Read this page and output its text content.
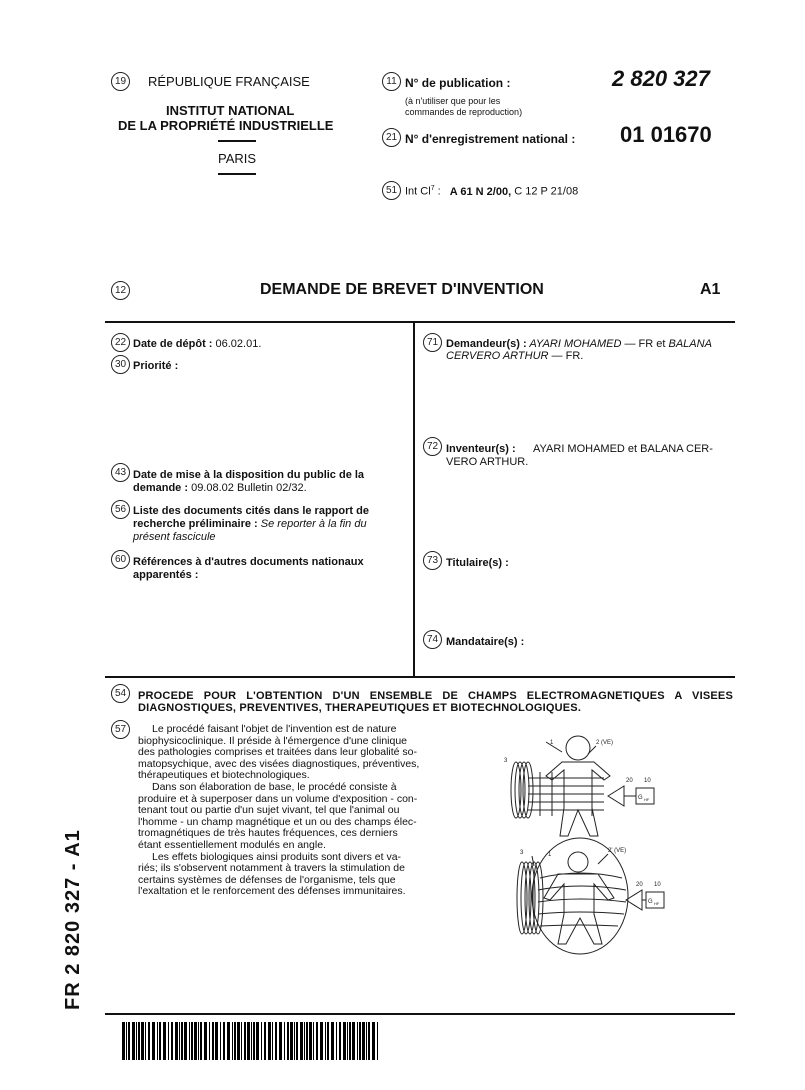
19	RÉPUBLIQUE FRANÇAISE
INSTITUT NATIONAL
DE LA PROPRIÉTÉ INDUSTRIELLE
PARIS
11 N° de publication :	2 820 327
(à n'utiliser que pour les
commandes de reproduction)
21 N° d'enregistrement national : 01 01670
51 Int Cl$^7$ : A 61 N 2/00, C 12 P 21/08
12	DEMANDE DE BREVET D'INVENTION	A1
22 Date de dépôt : 06.02.01.
30 Priorité :
43 Date de mise à la disposition du public de la
demande : 09.08.02 Bulletin 02/32.
56 Liste des documents cités dans le rapport de
recherche préliminaire : Se reporter à la fin du
présent fascicule
60 Références à d'autres documents nationaux
apparentés :
71 Demandeur(s) : AYARI MOHAMED — FR et BALANA
CERVERO ARTHUR — FR.
72 Inventeur(s) : AYARI MOHAMED et BALANA CER-
VERO ARTHUR.
73 Titulaire(s) :
74 Mandataire(s) :
54	PROCEDE POUR L'OBTENTION D'UN ENSEMBLE DE CHAMPS ELECTROMAGNETIQUES A VISEES
DIAGNOSTIQUES, PREVENTIVES, THERAPEUTIQUES ET BIOTECHNOLOGIQUES.
57	Le procédé faisant l'objet de l'invention est de nature
biophysicoclinique. Il préside à l'émergence d'une clinique
des pathologies comprises et traitées dans leur globalité so-
matopsychique, avec des visées diagnostiques, préventives,
thérapeutiques et biotechnologiques.
Dans son élaboration de base, le procédé consiste à
produire et à superposer dans un volume d'exposition - con-
tenant tout ou partie d'un sujet vivant, tel que l'animal ou
l'homme - un champ magnétique et un ou des champs élec-
tromagnétiques de très hautes fréquences, ces derniers
étant essentiellement modulés en angle.
Les effets biologiques ainsi produits sont divers et va-
riés; ils s'observent notamment à travers la stimulation de
certains systèmes de défenses de l'organisme, tels que
l'exaltation et le renforcement des défenses immunitaires.
1	2 (VE)
3
20 10
G HF
3	1
2' (VE)
20 10
G HF
FR 2 820 327 - A1
